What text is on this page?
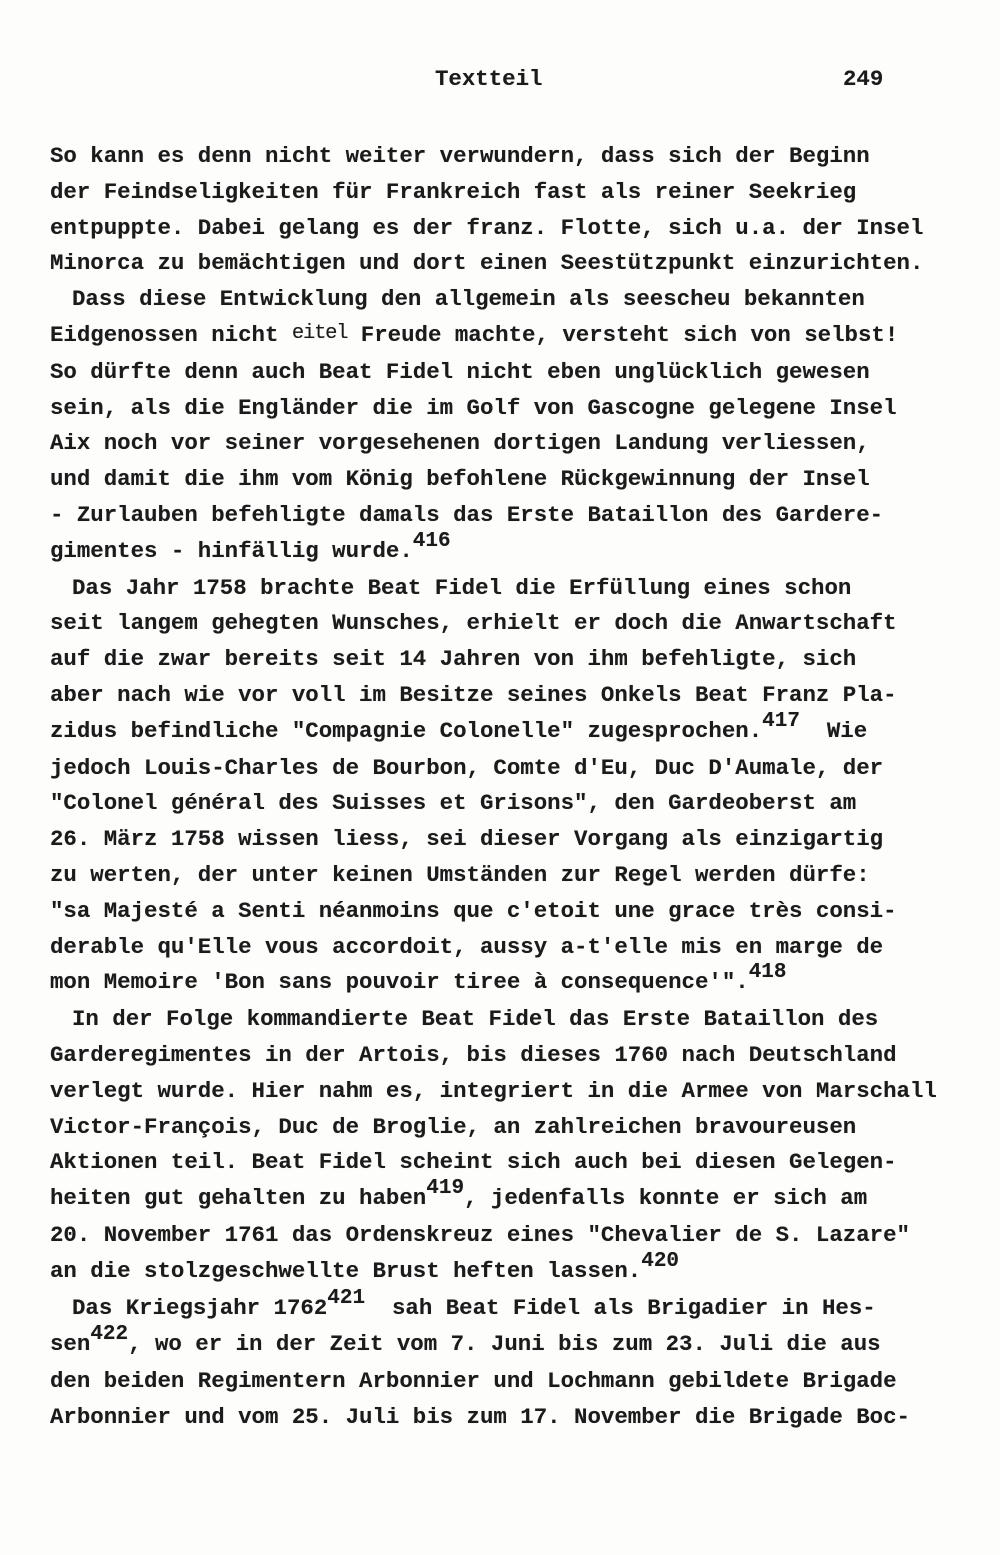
Textteil	249
So kann es denn nicht weiter verwundern, dass sich der Beginn
der Feindseligkeiten für Frankreich fast als reiner Seekrieg
entpuppte. Dabei gelang es der franz. Flotte, sich u.a. der Insel
Minorca zu bemächtigen und dort einen Seestützpunkt einzurichten.
Dass diese Entwicklung den allgemein als seescheu bekannten
Eidgenossen nicht eitel Freude machte, versteht sich von selbst!
So dürfte denn auch Beat Fidel nicht eben unglücklich gewesen
sein, als die Engländer die im Golf von Gascogne gelegene Insel
Aix noch vor seiner vorgesehenen dortigen Landung verliessen,
und damit die ihm vom König befohlene Rückgewinnung der Insel
- Zurlauben befehligte damals das Erste Bataillon des Gardere-
gimentes - hinfällig wurde.416
Das Jahr 1758 brachte Beat Fidel die Erfüllung eines schon
seit langem gehegten Wunsches, erhielt er doch die Anwartschaft
auf die zwar bereits seit 14 Jahren von ihm befehligte, sich
aber nach wie vor voll im Besitze seines Onkels Beat Franz Pla-
zidus befindliche "Compagnie Colonelle" zugesprochen.417  Wie
jedoch Louis-Charles de Bourbon, Comte d'Eu, Duc D'Aumale, der
"Colonel général des Suisses et Grisons", den Gardeoberst am
26. März 1758 wissen liess, sei dieser Vorgang als einzigartig
zu werten, der unter keinen Umständen zur Regel werden dürfe:
"sa Majesté a Senti néanmoins que c'etoit une grace très consi-
derable qu'Elle vous accordoit, aussy a-t'elle mis en marge de
mon Memoire 'Bon sans pouvoir tiree à consequence'".418
In der Folge kommandierte Beat Fidel das Erste Bataillon des
Garderegimentes in der Artois, bis dieses 1760 nach Deutschland
verlegt wurde. Hier nahm es, integriert in die Armee von Marschall
Victor-François, Duc de Broglie, an zahlreichen bravoureusen
Aktionen teil. Beat Fidel scheint sich auch bei diesen Gelegen-
heiten gut gehalten zu haben419, jedenfalls konnte er sich am
20. November 1761 das Ordenskreuz eines "Chevalier de S. Lazare"
an die stolzgeschwellte Brust heften lassen.420
Das Kriegsjahr 1762421  sah Beat Fidel als Brigadier in Hes-
sen422, wo er in der Zeit vom 7. Juni bis zum 23. Juli die aus
den beiden Regimentern Arbonnier und Lochmann gebildete Brigade
Arbonnier und vom 25. Juli bis zum 17. November die Brigade Boc-
